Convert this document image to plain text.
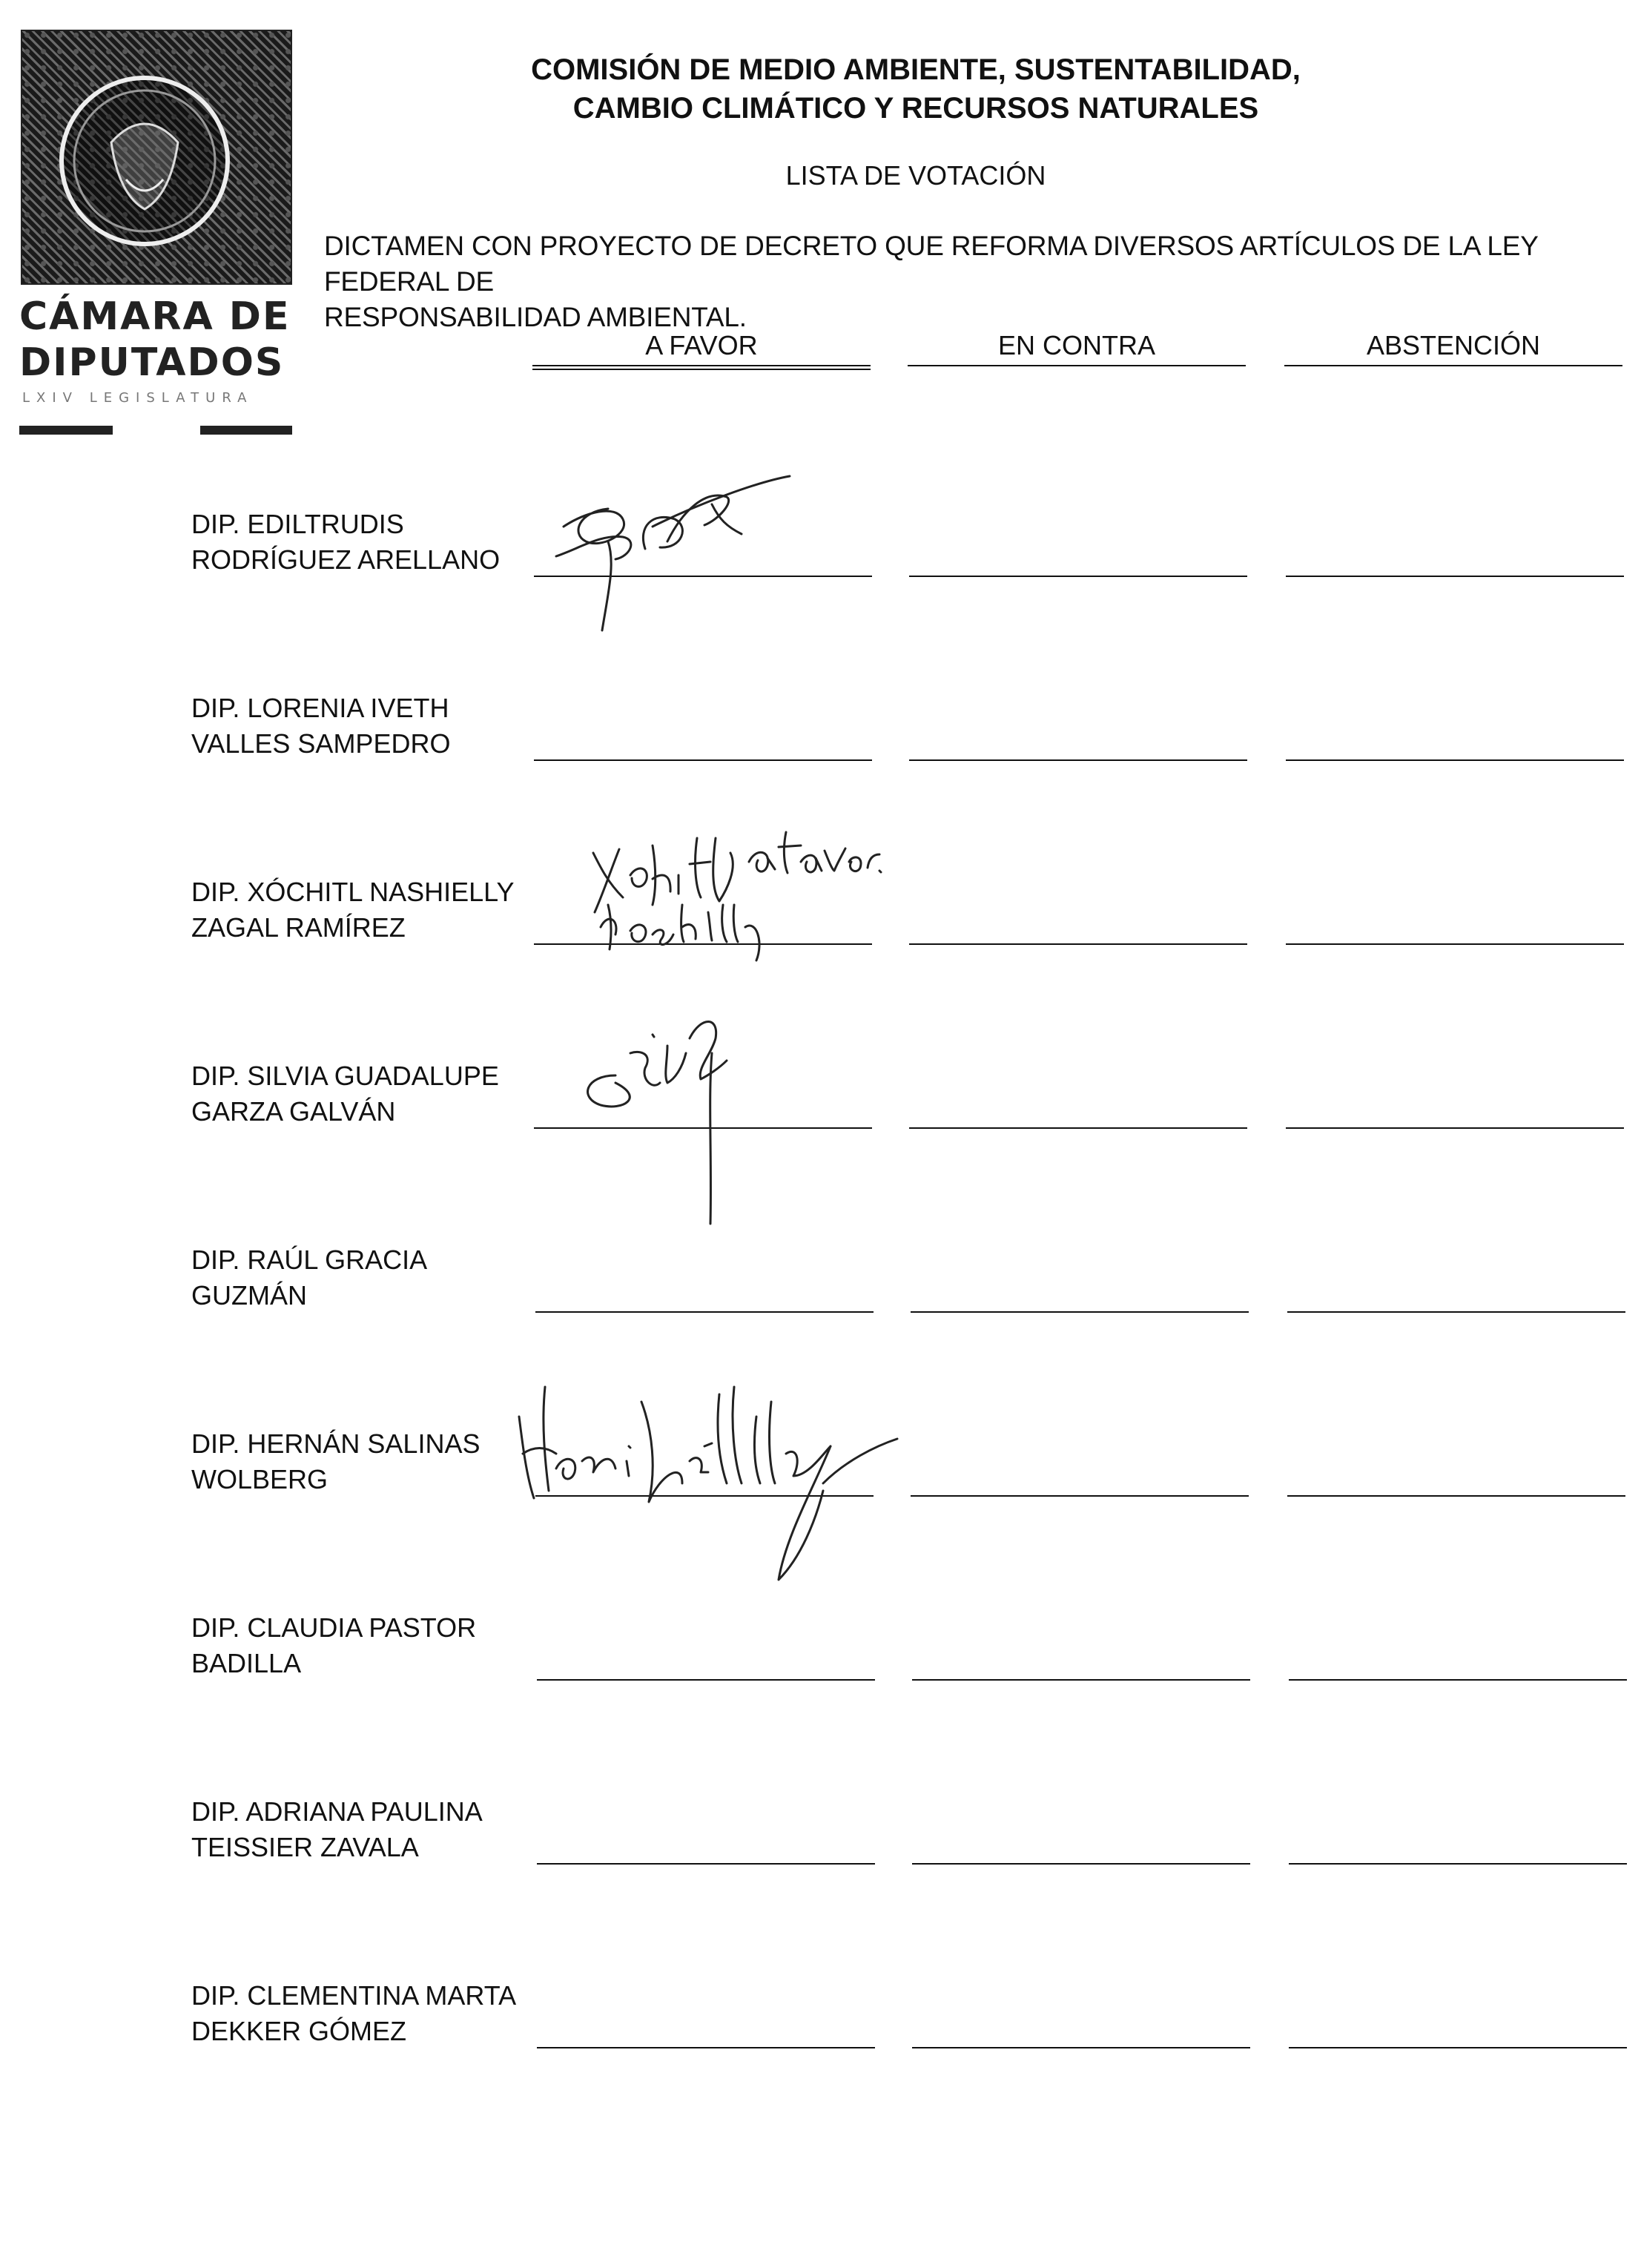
CÁMARA DE
DIPUTADOS
LXIV LEGISLATURA
COMISIÓN DE MEDIO AMBIENTE, SUSTENTABILIDAD,
CAMBIO CLIMÁTICO Y RECURSOS NATURALES
LISTA DE VOTACIÓN
DICTAMEN CON PROYECTO DE DECRETO QUE REFORMA DIVERSOS ARTÍCULOS DE LA LEY FEDERAL DE
RESPONSABILIDAD AMBIENTAL.
A FAVOR	EN CONTRA	ABSTENCIÓN
DIP. EDILTRUDIS
RODRÍGUEZ ARELLANO
DIP. LORENIA IVETH
VALLES SAMPEDRO
DIP. XÓCHITL NASHIELLY
ZAGAL RAMÍREZ
DIP. SILVIA GUADALUPE
GARZA GALVÁN
DIP. RAÚL GRACIA
GUZMÁN
DIP. HERNÁN SALINAS
WOLBERG
DIP. CLAUDIA PASTOR
BADILLA
DIP. ADRIANA PAULINA
TEISSIER ZAVALA
DIP. CLEMENTINA MARTA
DEKKER GÓMEZ
